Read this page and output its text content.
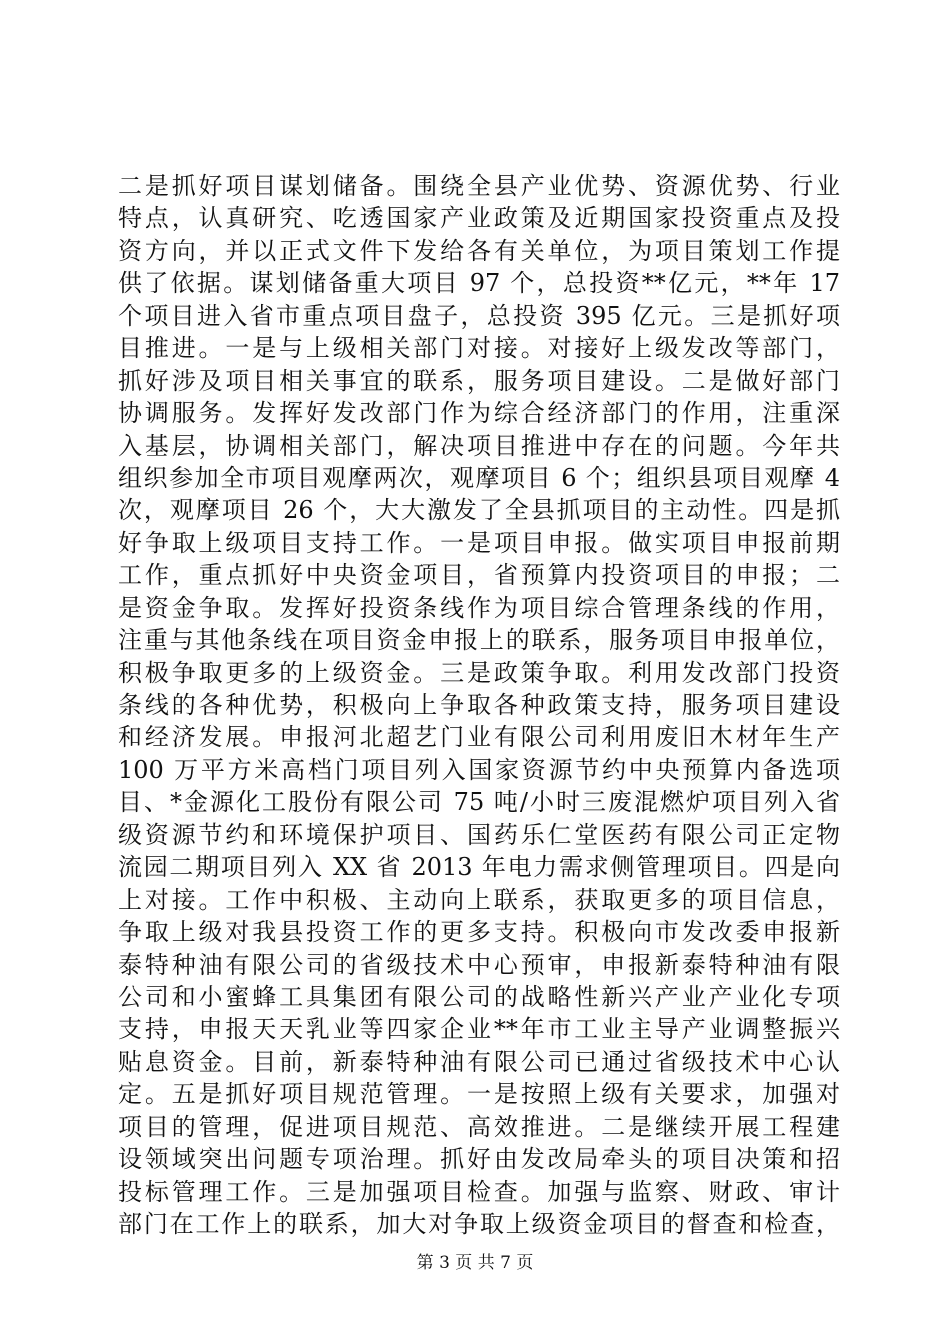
二是抓好项目谋划储备。围绕全县产业优势、资源优势、行业
特点，认真研究、吃透国家产业政策及近期国家投资重点及投
资方向，并以正式文件下发给各有关单位，为项目策划工作提
供了依据。谋划储备重大项目 97 个，总投资**亿元，**年 17
个项目进入省市重点项目盘子，总投资 395 亿元。三是抓好项
目推进。一是与上级相关部门对接。对接好上级发改等部门，
抓好涉及项目相关事宜的联系，服务项目建设。二是做好部门
协调服务。发挥好发改部门作为综合经济部门的作用，注重深
入基层，协调相关部门，解决项目推进中存在的问题。今年共
组织参加全市项目观摩两次，观摩项目 6 个；组织县项目观摩 4
次，观摩项目 26 个，大大激发了全县抓项目的主动性。四是抓
好争取上级项目支持工作。一是项目申报。做实项目申报前期
工作，重点抓好中央资金项目，省预算内投资项目的申报；二
是资金争取。发挥好投资条线作为项目综合管理条线的作用，
注重与其他条线在项目资金申报上的联系，服务项目申报单位，
积极争取更多的上级资金。三是政策争取。利用发改部门投资
条线的各种优势，积极向上争取各种政策支持，服务项目建设
和经济发展。申报河北超艺门业有限公司利用废旧木材年生产
100 万平方米高档门项目列入国家资源节约中央预算内备选项
目、*金源化工股份有限公司 75 吨/小时三废混燃炉项目列入省
级资源节约和环境保护项目、国药乐仁堂医药有限公司正定物
流园二期项目列入 XX 省 2013 年电力需求侧管理项目。四是向
上对接。工作中积极、主动向上联系，获取更多的项目信息，
争取上级对我县投资工作的更多支持。积极向市发改委申报新
泰特种油有限公司的省级技术中心预审，申报新泰特种油有限
公司和小蜜蜂工具集团有限公司的战略性新兴产业产业化专项
支持，申报天天乳业等四家企业**年市工业主导产业调整振兴
贴息资金。目前，新泰特种油有限公司已通过省级技术中心认
定。五是抓好项目规范管理。一是按照上级有关要求，加强对
项目的管理，促进项目规范、高效推进。二是继续开展工程建
设领域突出问题专项治理。抓好由发改局牵头的项目决策和招
投标管理工作。三是加强项目检查。加强与监察、财政、审计
部门在工作上的联系，加大对争取上级资金项目的督查和检查，
第 3 页 共 7 页
